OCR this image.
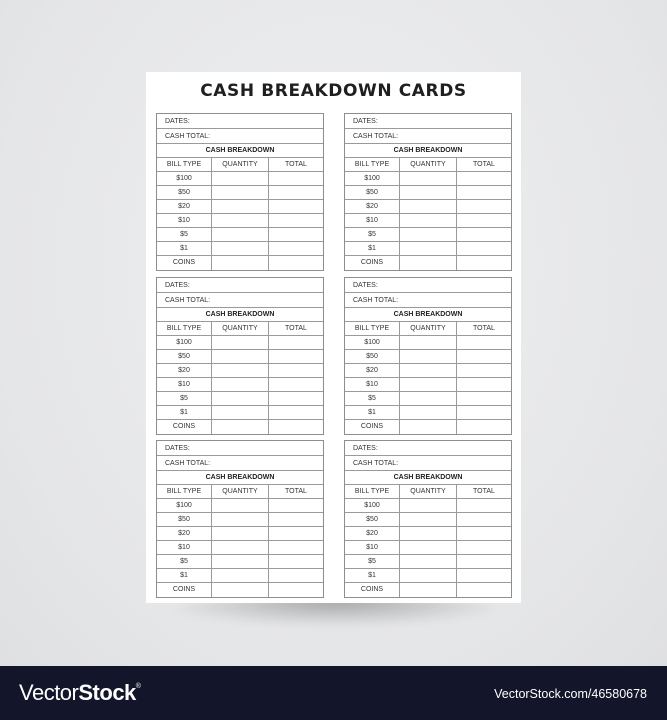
CASH BREAKDOWN CARDS
DATES:
CASH TOTAL:
CASH BREAKDOWN
BILL TYPE	QUANTITY	TOTAL
$100
$50
$20
$10
$5
$1
COINS
DATES:
CASH TOTAL:
CASH BREAKDOWN
BILL TYPE	QUANTITY	TOTAL
$100
$50
$20
$10
$5
$1
COINS
DATES:
CASH TOTAL:
CASH BREAKDOWN
BILL TYPE	QUANTITY	TOTAL
$100
$50
$20
$10
$5
$1
COINS
DATES:
CASH TOTAL:
CASH BREAKDOWN
BILL TYPE	QUANTITY	TOTAL
$100
$50
$20
$10
$5
$1
COINS
DATES:
CASH TOTAL:
CASH BREAKDOWN
BILL TYPE	QUANTITY	TOTAL
$100
$50
$20
$10
$5
$1
COINS
DATES:
CASH TOTAL:
CASH BREAKDOWN
BILL TYPE	QUANTITY	TOTAL
$100
$50
$20
$10
$5
$1
COINS
VectorStock®
VectorStock.com/46580678
